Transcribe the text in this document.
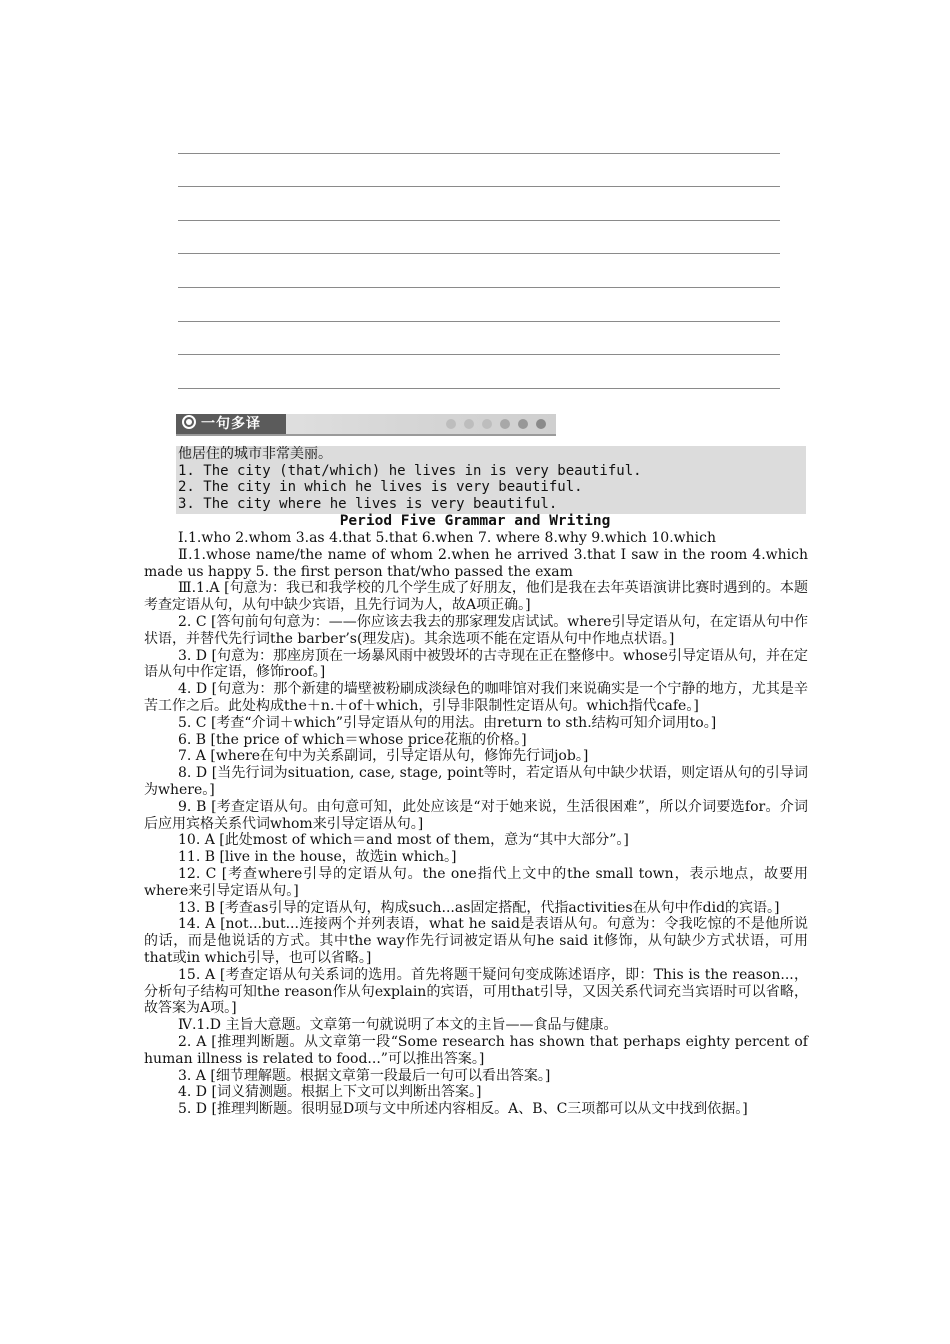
一句多译
他居住的城市非常美丽。
1. The city (that/which) he lives in is very beautiful.
2. The city in which he lives is very beautiful.
3. The city where he lives is very beautiful.
Period Five Grammar and Writing

Ⅰ.1.who 2.whom 3.as 4.that 5.that 6.when 7. where 8.why 9.which 10.which

Ⅱ.1.whose name/the name of whom 2.when he arrived 3.that I saw in the room 4.which made us happy 5. the first person that/who passed the exam

Ⅲ.1.A [句意为：我已和我学校的几个学生成了好朋友，他们是我在去年英语演讲比赛时遇到的。本题考查定语从句，从句中缺少宾语，且先行词为人，故A项正确。]

2. C [答句前句句意为：——你应该去我去的那家理发店试试。where引导定语从句，在定语从句中作状语，并替代先行词the barber’s(理发店)。其余选项不能在定语从句中作地点状语。]

3. D [句意为：那座房顶在一场暴风雨中被毁坏的古寺现在正在整修中。whose引导定语从句，并在定语从句中作定语，修饰roof。]

4. D [句意为：那个新建的墙壁被粉刷成淡绿色的咖啡馆对我们来说确实是一个宁静的地方，尤其是辛苦工作之后。此处构成the＋n.＋of＋which，引导非限制性定语从句。which指代cafe。]

5. C [考查“介词＋which”引导定语从句的用法。由return to sth.结构可知介词用to。]

6. B [the price of which＝whose price花瓶的价格。]

7. A [where在句中为关系副词，引导定语从句，修饰先行词job。]

8. D [当先行词为situation, case, stage, point等时，若定语从句中缺少状语，则定语从句的引导词为where。]

9. B [考查定语从句。由句意可知，此处应该是“对于她来说，生活很困难”，所以介词要选for。介词后应用宾格关系代词whom来引导定语从句。]

10. A [此处most of which＝and most of them，意为“其中大部分”。]

11. B [live in the house，故选in which。]

12. C [考查where引导的定语从句。the one指代上文中的the small town，表示地点，故要用where来引导定语从句。]

13. B [考查as引导的定语从句，构成such...as固定搭配，代指activities在从句中作did的宾语。]

14. A [not...but...连接两个并列表语，what he said是表语从句。句意为：令我吃惊的不是他所说的话，而是他说话的方式。其中the way作先行词被定语从句he said it修饰，从句缺少方式状语，可用that或in which引导，也可以省略。]

15. A [考查定语从句关系词的选用。首先将题干疑问句变成陈述语序，即：This is the reason...，分析句子结构可知the reason作从句explain的宾语，可用that引导，又因关系代词充当宾语时可以省略，故答案为A项。]

Ⅳ.1.D 主旨大意题。文章第一句就说明了本文的主旨——食品与健康。

2. A [推理判断题。从文章第一段“Some research has shown that perhaps eighty percent of human illness is related to food...”可以推出答案。]

3. A [细节理解题。根据文章第一段最后一句可以看出答案。]

4. D [词义猜测题。根据上下文可以判断出答案。]

5. D [推理判断题。很明显D项与文中所述内容相反。A、B、C三项都可以从文中找到依据。]
